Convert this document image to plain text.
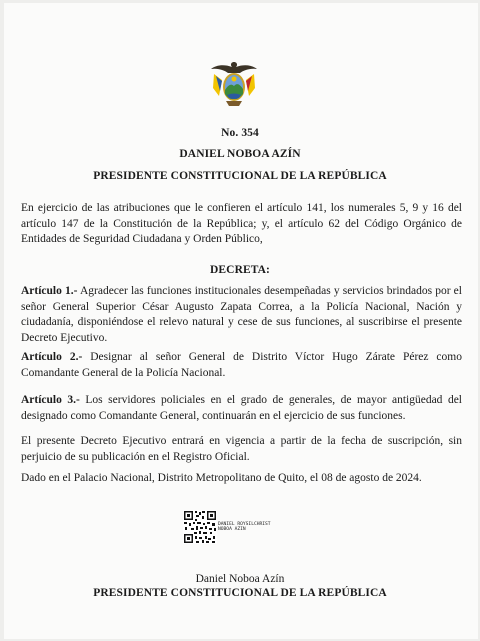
No. 354
DANIEL NOBOA AZÍN
PRESIDENTE CONSTITUCIONAL DE LA REPÚBLICA

En ejercicio de las atribuciones que le confieren el artículo 141, los numerales 5, 9 y 16 del artículo 147 de la Constitución de la República; y, el artículo 62 del Código Orgánico de Entidades de Seguridad Ciudadana y Orden Público,

DECRETA:

Artículo 1.- Agradecer las funciones institucionales desempeñadas y servicios brindados por el señor General Superior César Augusto Zapata Correa, a la Policía Nacional, Nación y ciudadanía, disponiéndose el relevo natural y cese de sus funciones, al suscribirse el presente Decreto Ejecutivo.

Artículo 2.- Designar al señor General de Distrito Víctor Hugo Zárate Pérez como Comandante General de la Policía Nacional.

Artículo 3.- Los servidores policiales en el grado de generales, de mayor antigüedad del designado como Comandante General, continuarán en el ejercicio de sus funciones.

El presente Decreto Ejecutivo entrará en vigencia a partir de la fecha de suscripción, sin perjuicio de su publicación en el Registro Oficial.

Dado en el Palacio Nacional, Distrito Metropolitano de Quito, el 08 de agosto de 2024.

DANIEL ROYSILCHRIST
NOBOA AZIN
Daniel Noboa Azín
PRESIDENTE CONSTITUCIONAL DE LA REPÚBLICA
